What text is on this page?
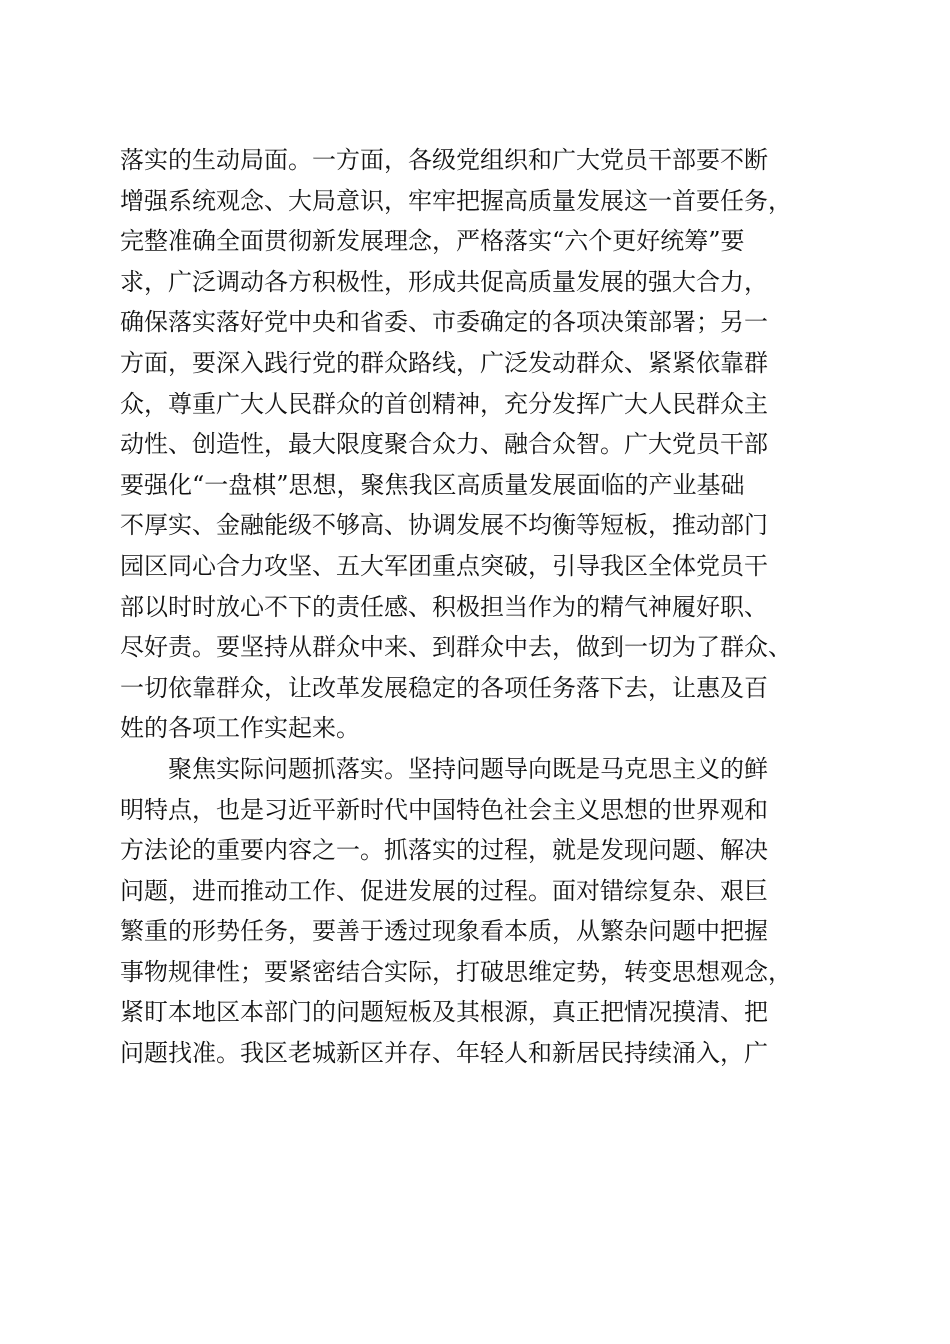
落实的生动局面。一方面，各级党组织和广大党员干部要不断
增强系统观念、大局意识，牢牢把握高质量发展这一首要任务，
完整准确全面贯彻新发展理念，严格落实“六个更好统筹”要
求，广泛调动各方积极性，形成共促高质量发展的强大合力，
确保落实落好党中央和省委、市委确定的各项决策部署；另一
方面，要深入践行党的群众路线，广泛发动群众、紧紧依靠群
众，尊重广大人民群众的首创精神，充分发挥广大人民群众主
动性、创造性，最大限度聚合众力、融合众智。广大党员干部
要强化“一盘棋”思想，聚焦我区高质量发展面临的产业基础
不厚实、金融能级不够高、协调发展不均衡等短板，推动部门
园区同心合力攻坚、五大军团重点突破，引导我区全体党员干
部以时时放心不下的责任感、积极担当作为的精气神履好职、
尽好责。要坚持从群众中来、到群众中去，做到一切为了群众、
一切依靠群众，让改革发展稳定的各项任务落下去，让惠及百
姓的各项工作实起来。
聚焦实际问题抓落实。坚持问题导向既是马克思主义的鲜
明特点，也是习近平新时代中国特色社会主义思想的世界观和
方法论的重要内容之一。抓落实的过程，就是发现问题、解决
问题，进而推动工作、促进发展的过程。面对错综复杂、艰巨
繁重的形势任务，要善于透过现象看本质，从繁杂问题中把握
事物规律性；要紧密结合实际，打破思维定势，转变思想观念，
紧盯本地区本部门的问题短板及其根源，真正把情况摸清、把
问题找准。我区老城新区并存、年轻人和新居民持续涌入，广
